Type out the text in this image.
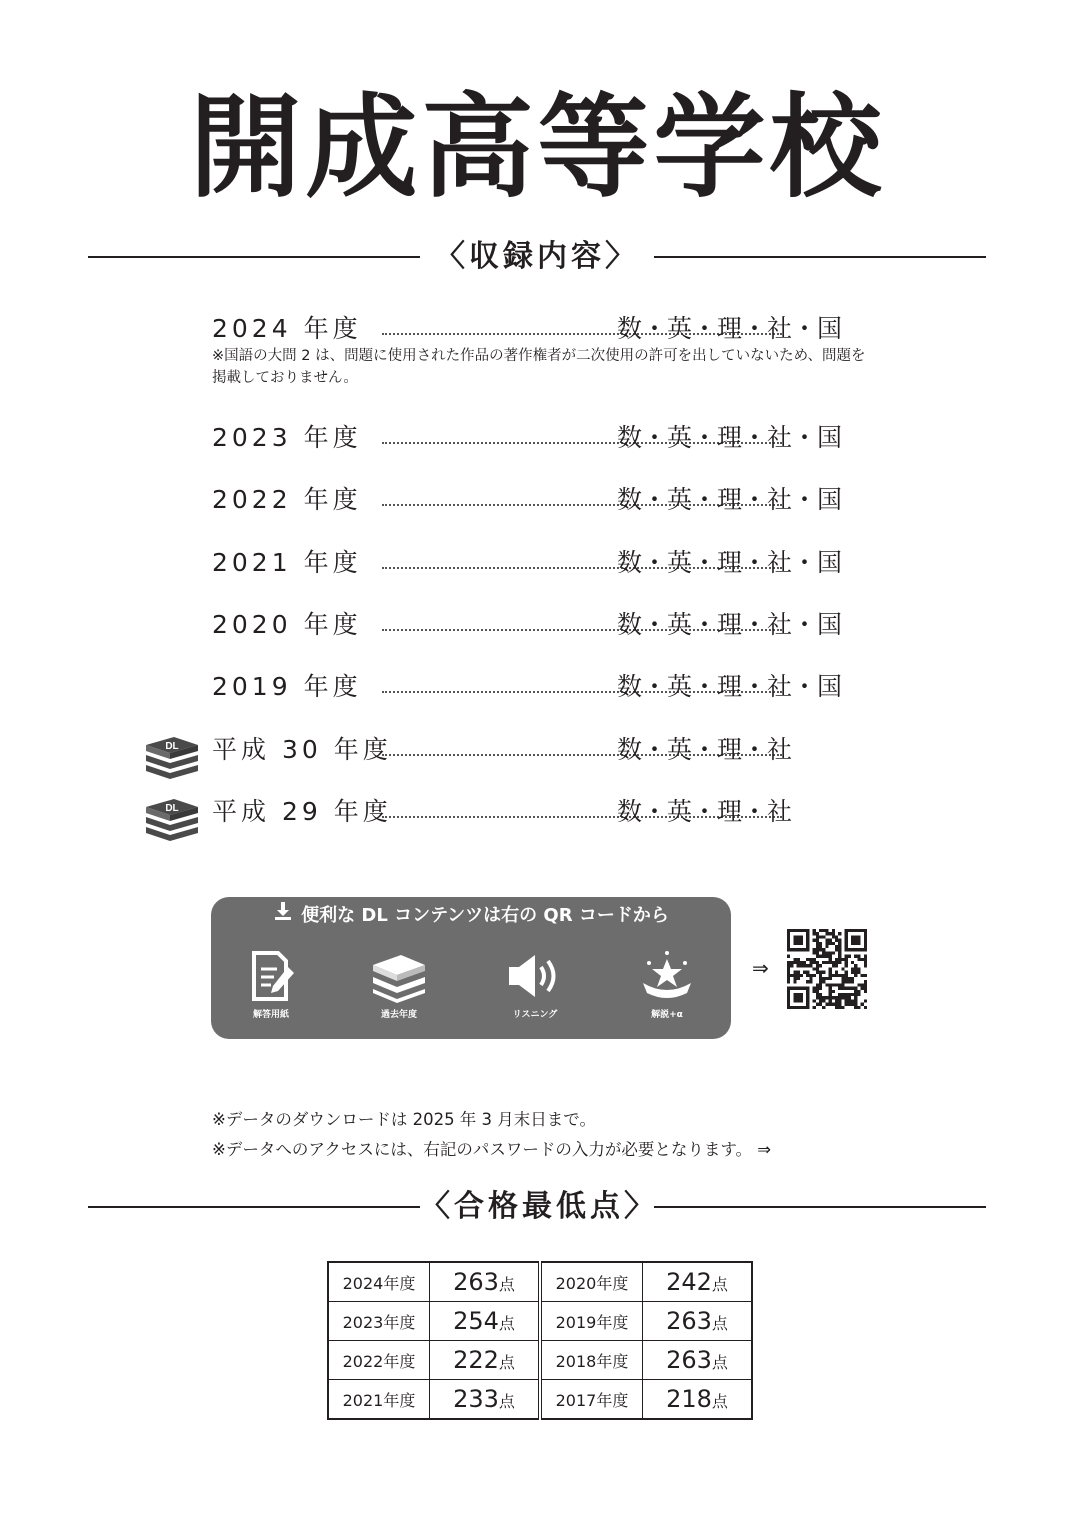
開成高等学校
〈収録内容〉
2024 年度	数・英・理・社・国
※国語の大問 2 は、問題に使用された作品の著作権者が二次使用の許可を出していないため、問題を掲載しておりません。
2023 年度	数・英・理・社・国
2022 年度	数・英・理・社・国
2021 年度	数・英・理・社・国
2020 年度	数・英・理・社・国
2019 年度	数・英・理・社・国
DL 平成 30 年度	数・英・理・社
DL 平成 29 年度	数・英・理・社
便利な DL コンテンツは右の QR コードから
解答用紙	過去年度	リスニング	解説+α
⇒
※データのダウンロードは 2025 年 3 月末日まで。
※データへのアクセスには、右記のパスワードの入力が必要となります。 ⇒
〈合格最低点〉
2024年度	263点	2020年度	242点
2023年度	254点	2019年度	263点
2022年度	222点	2018年度	263点
2021年度	233点	2017年度	218点
